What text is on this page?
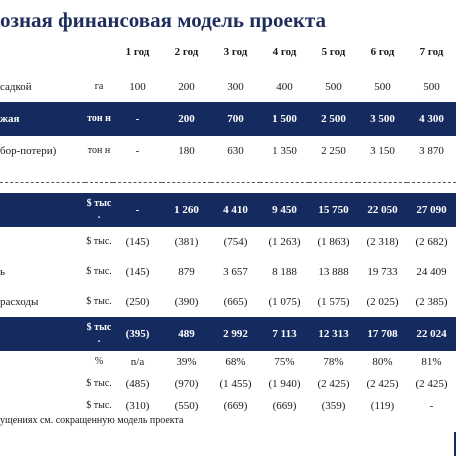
озная финансовая модель проекта
		1 год	2 год	3 год	4 год	5 год	6 год	7 год

садкой	га	100	200	300	400	500	500	500
жая	тон н	-	200	700	1 500	2 500	3 500	4 300
бор-потери)	тон н	-	180	630	1 350	2 250	3 150	3 870

	$ тыс .	-	1 260	4 410	9 450	15 750	22 050	27 090
	$ тыс.	(145)	(381)	(754)	(1 263)	(1 863)	(2 318)	(2 682)
ь	$ тыс.	(145)	879	3 657	8 188	13 888	19 733	24 409
расходы	$ тыс.	(250)	(390)	(665)	(1 075)	(1 575)	(2 025)	(2 385)
	$ тыс .	(395)	489	2 992	7 113	12 313	17 708	22 024
	%	n/a	39%	68%	75%	78%	80%	81%
	$ тыс.	(485)	(970)	(1 455)	(1 940)	(2 425)	(2 425)	(2 425)
	$ тыс.	(310)	(550)	(669)	(669)	(359)	(119)	-
ущениях см. сокращенную модель проекта
